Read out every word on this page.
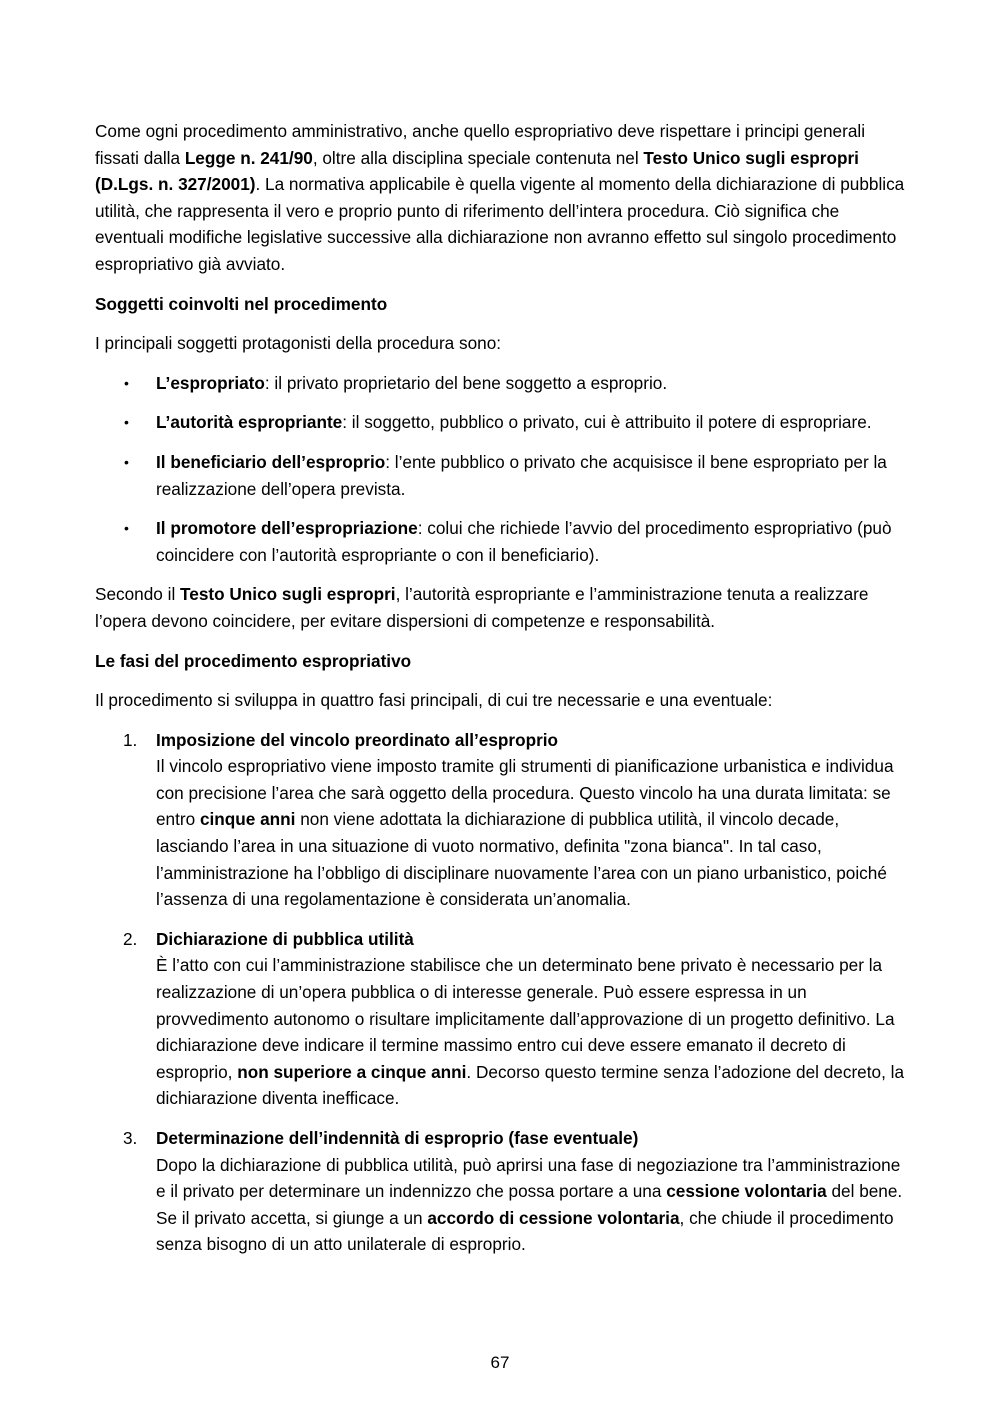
Come ogni procedimento amministrativo, anche quello espropriativo deve rispettare i principi generali fissati dalla Legge n. 241/90, oltre alla disciplina speciale contenuta nel Testo Unico sugli espropri (D.Lgs. n. 327/2001). La normativa applicabile è quella vigente al momento della dichiarazione di pubblica utilità, che rappresenta il vero e proprio punto di riferimento dell’intera procedura. Ciò significa che eventuali modifiche legislative successive alla dichiarazione non avranno effetto sul singolo procedimento espropriativo già avviato.

Soggetti coinvolti nel procedimento

I principali soggetti protagonisti della procedura sono:

• L’espropriato: il privato proprietario del bene soggetto a esproprio.
• L’autorità espropriante: il soggetto, pubblico o privato, cui è attribuito il potere di espropriare.
• Il beneficiario dell’esproprio: l’ente pubblico o privato che acquisisce il bene espropriato per la realizzazione dell’opera prevista.
• Il promotore dell’espropriazione: colui che richiede l’avvio del procedimento espropriativo (può coincidere con l’autorità espropriante o con il beneficiario).

Secondo il Testo Unico sugli espropri, l’autorità espropriante e l’amministrazione tenuta a realizzare l’opera devono coincidere, per evitare dispersioni di competenze e responsabilità.

Le fasi del procedimento espropriativo

Il procedimento si sviluppa in quattro fasi principali, di cui tre necessarie e una eventuale:

1. Imposizione del vincolo preordinato all’esproprio
Il vincolo espropriativo viene imposto tramite gli strumenti di pianificazione urbanistica e individua con precisione l’area che sarà oggetto della procedura. Questo vincolo ha una durata limitata: se entro cinque anni non viene adottata la dichiarazione di pubblica utilità, il vincolo decade, lasciando l’area in una situazione di vuoto normativo, definita "zona bianca". In tal caso, l’amministrazione ha l’obbligo di disciplinare nuovamente l’area con un piano urbanistico, poiché l’assenza di una regolamentazione è considerata un’anomalia.
2. Dichiarazione di pubblica utilità
È l’atto con cui l’amministrazione stabilisce che un determinato bene privato è necessario per la realizzazione di un’opera pubblica o di interesse generale. Può essere espressa in un provvedimento autonomo o risultare implicitamente dall’approvazione di un progetto definitivo. La dichiarazione deve indicare il termine massimo entro cui deve essere emanato il decreto di esproprio, non superiore a cinque anni. Decorso questo termine senza l’adozione del decreto, la dichiarazione diventa inefficace.
3. Determinazione dell’indennità di esproprio (fase eventuale)
Dopo la dichiarazione di pubblica utilità, può aprirsi una fase di negoziazione tra l’amministrazione e il privato per determinare un indennizzo che possa portare a una cessione volontaria del bene. Se il privato accetta, si giunge a un accordo di cessione volontaria, che chiude il procedimento senza bisogno di un atto unilaterale di esproprio.
67
